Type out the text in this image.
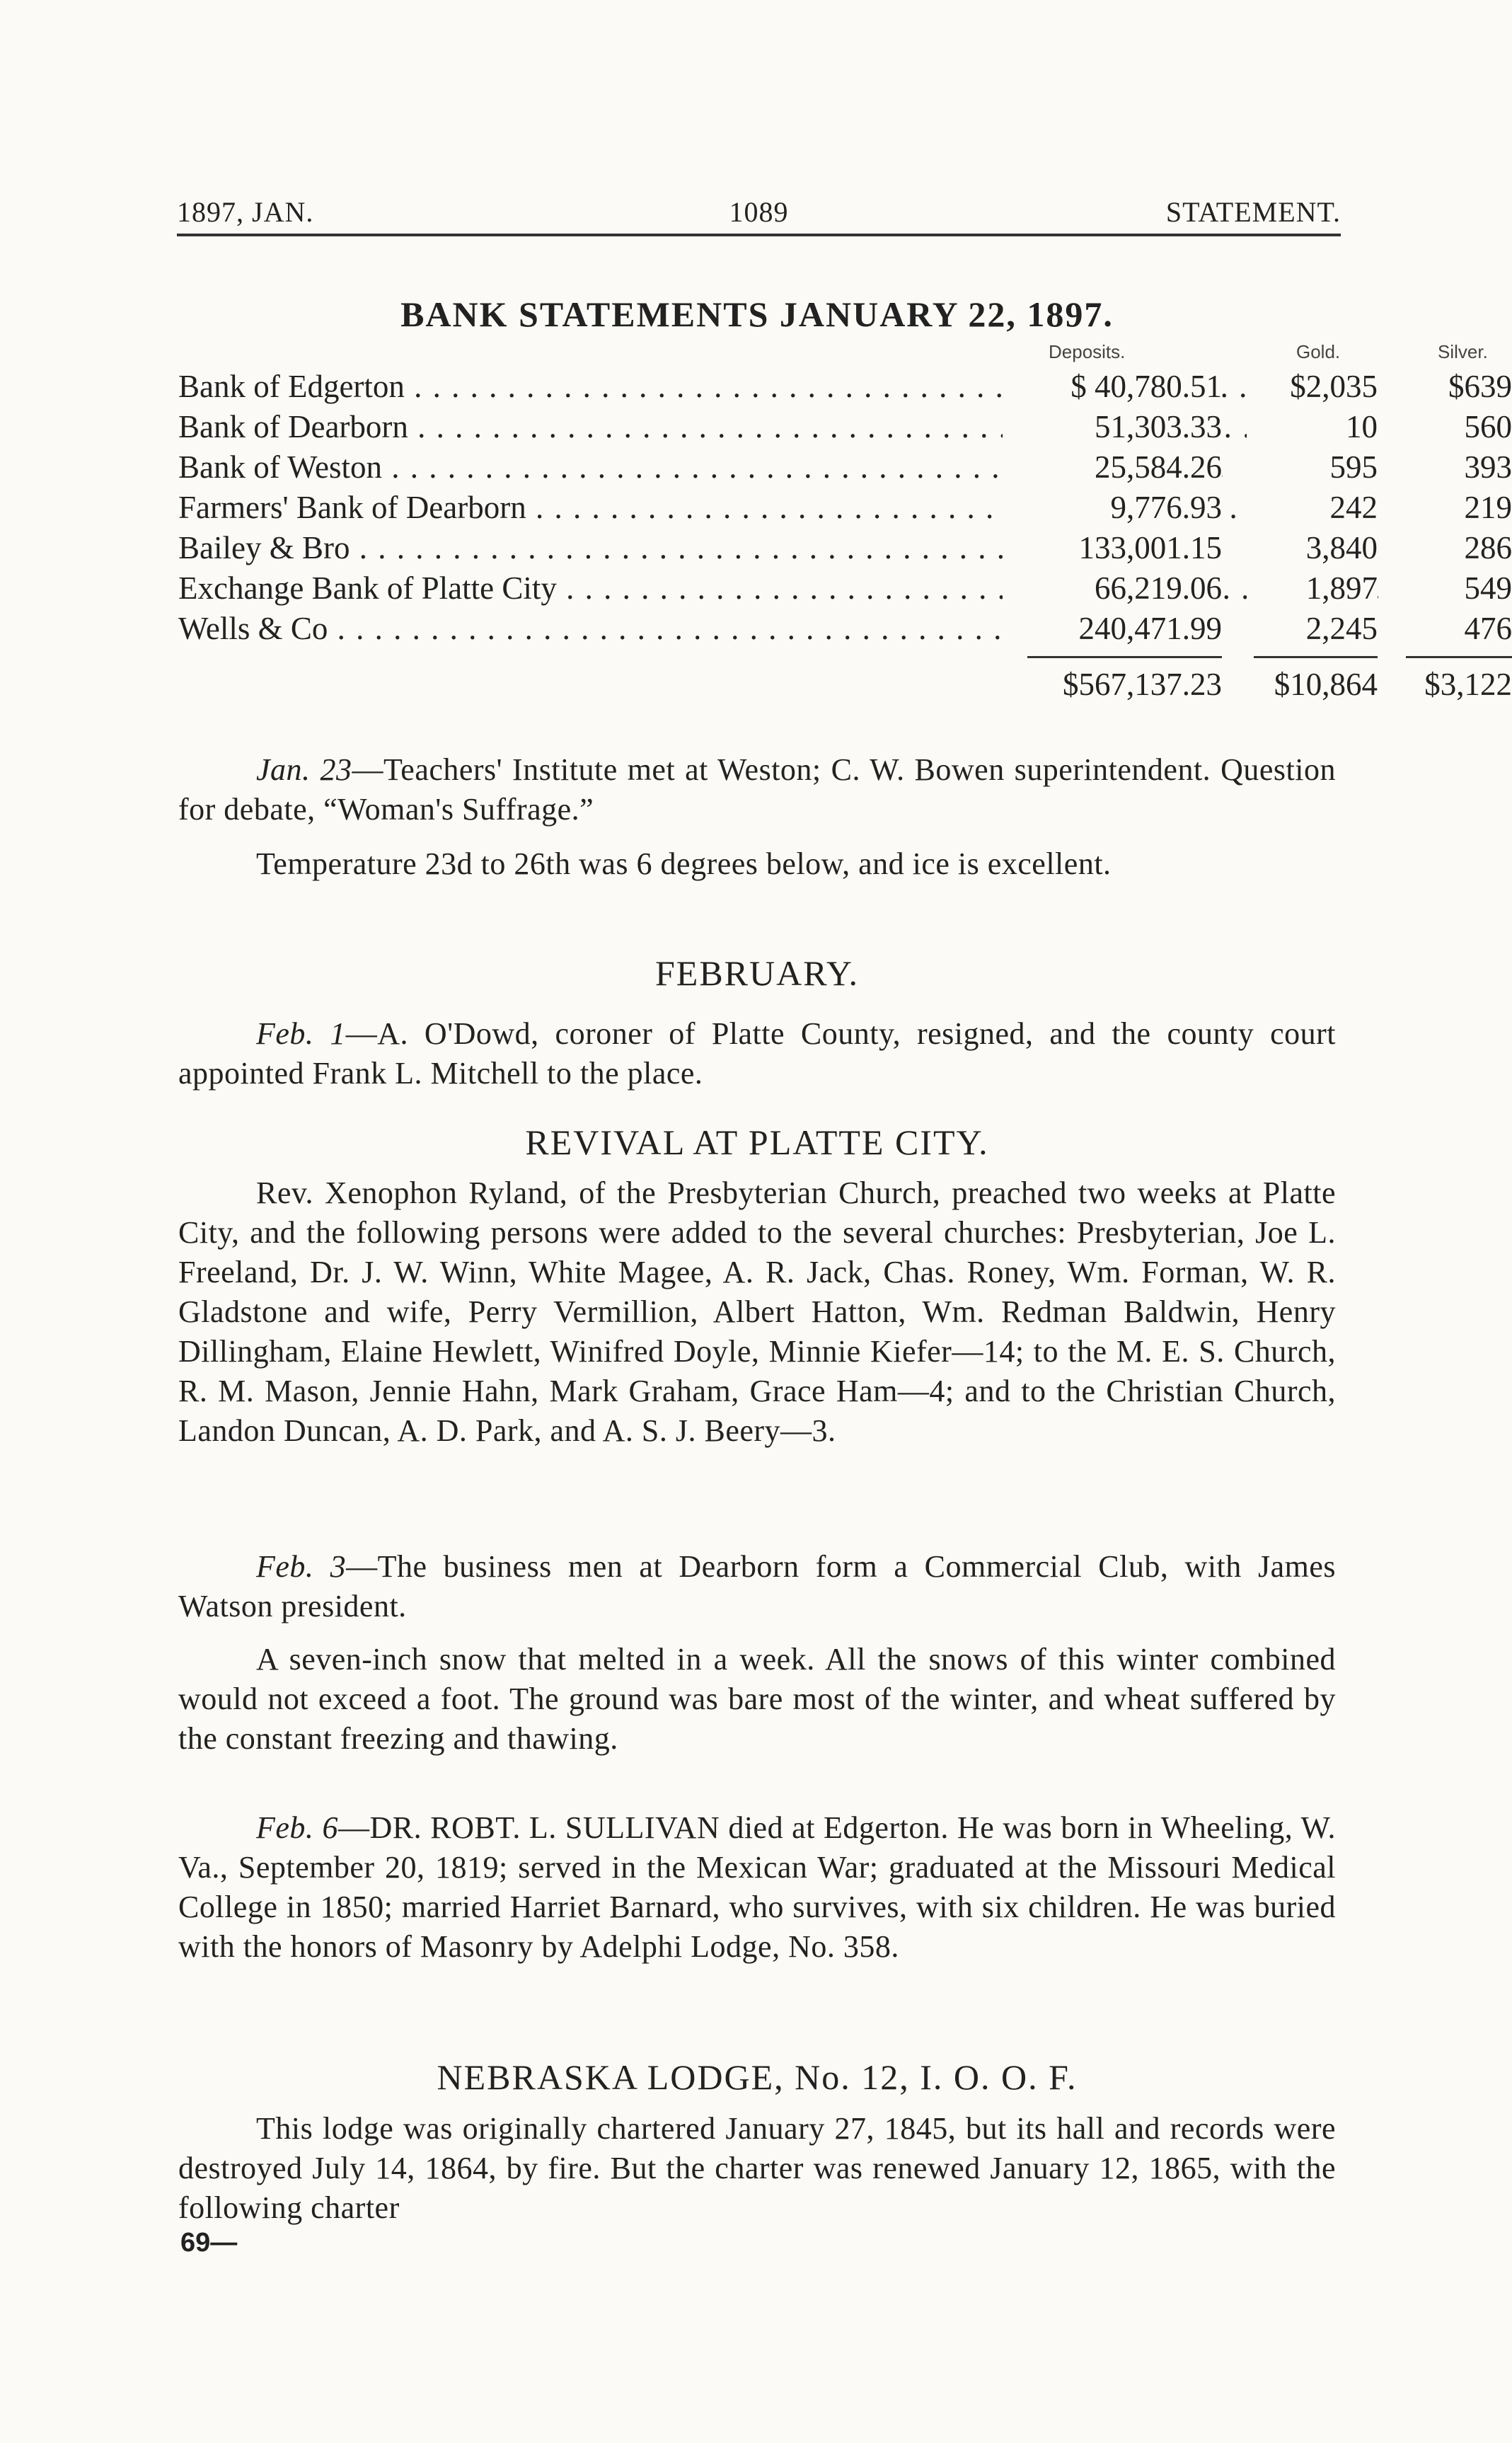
1897, JAN.	1089	STATEMENT.
BANK STATEMENTS JANUARY 22, 1897.
Deposits.	Gold.	Silver.
Bank of Edgerton . . .	$ 40,780.51	$2,035	$639
Bank of Dearborn . . .	51,303.33	10	560
Bank of Weston . . .	25,584.26	595	393
Farmers' Bank of Dearborn . . .	9,776.93	242	219
Bailey & Bro . . .	133,001.15	3,840	286
Exchange Bank of Platte City . . .	66,219.06	1,897	549
Wells & Co . . .	240,471.99	2,245	476
$567,137.23	$10,864	$3,122

Jan. 23—Teachers' Institute met at Weston; C. W. Bowen superintendent. Question for debate, “Woman's Suffrage.”

Temperature 23d to 26th was 6 degrees below, and ice is excellent.

FEBRUARY.

Feb. 1—A. O'Dowd, coroner of Platte County, resigned, and the county court appointed Frank L. Mitchell to the place.

REVIVAL AT PLATTE CITY.

Rev. Xenophon Ryland, of the Presbyterian Church, preached two weeks at Platte City, and the following persons were added to the several churches: Presbyterian, Joe L. Freeland, Dr. J. W. Winn, White Magee, A. R. Jack, Chas. Roney, Wm. Forman, W. R. Gladstone and wife, Perry Vermillion, Albert Hatton, Wm. Redman Baldwin, Henry Dillingham, Elaine Hewlett, Winifred Doyle, Minnie Kiefer—14; to the M. E. S. Church, R. M. Mason, Jennie Hahn, Mark Graham, Grace Ham—4; and to the Christian Church, Landon Duncan, A. D. Park, and A. S. J. Beery—3.

Feb. 3—The business men at Dearborn form a Commercial Club, with James Watson president.

A seven-inch snow that melted in a week. All the snows of this winter combined would not exceed a foot. The ground was bare most of the winter, and wheat suffered by the constant freezing and thawing.

Feb. 6—DR. ROBT. L. SULLIVAN died at Edgerton. He was born in Wheeling, W. Va., September 20, 1819; served in the Mexican War; graduated at the Missouri Medical College in 1850; married Harriet Barnard, who survives, with six children. He was buried with the honors of Masonry by Adelphi Lodge, No. 358.

NEBRASKA LODGE, No. 12, I. O. O. F.

This lodge was originally chartered January 27, 1845, but its hall and records were destroyed July 14, 1864, by fire. But the charter was renewed January 12, 1865, with the following charter

69—
